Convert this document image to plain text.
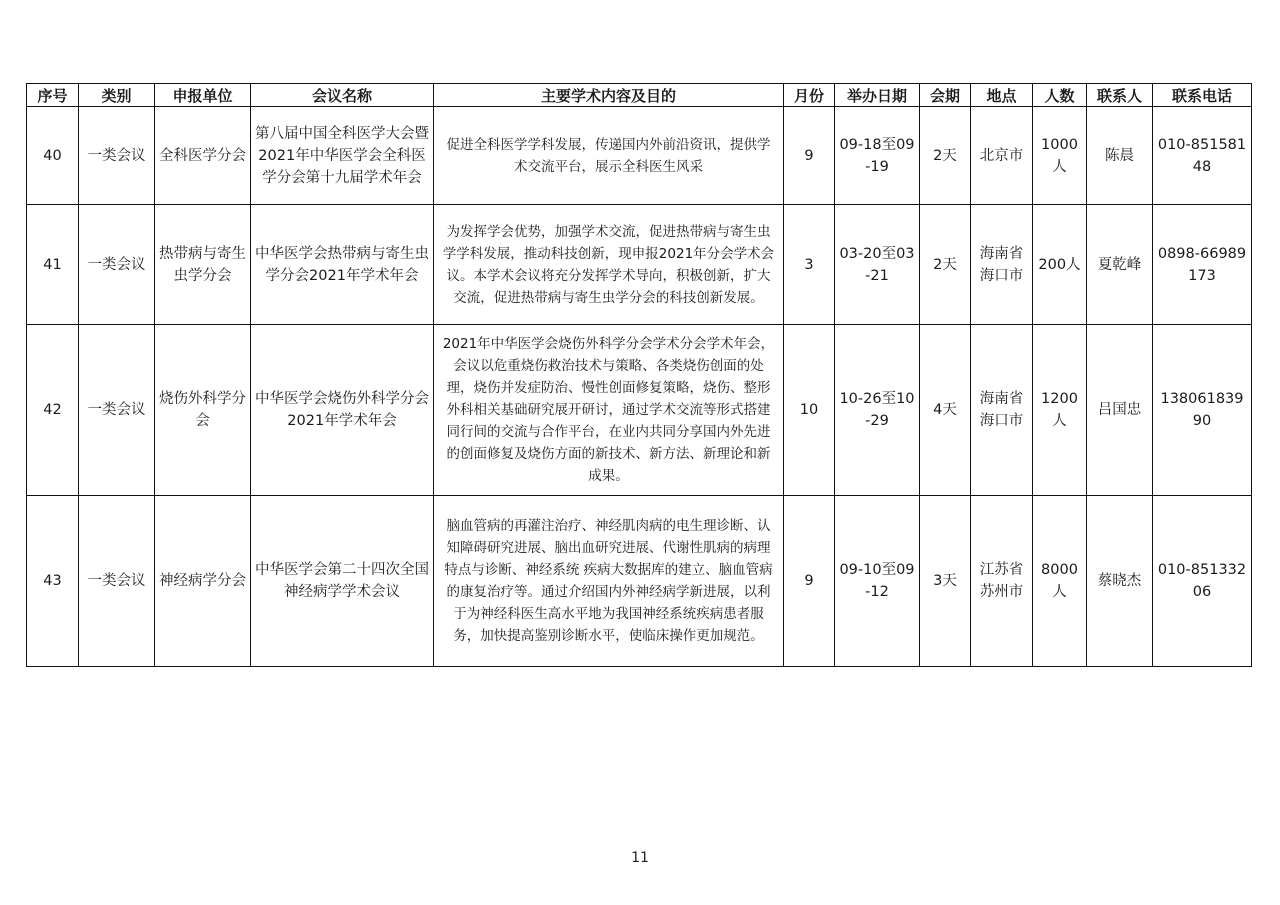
序号	类别	申报单位	会议名称	主要学术内容及目的	月份	举办日期	会期	地点	人数	联系人	联系电话
40	一类会议	全科医学分会	第八届中国全科医学大会暨2021年中华医学会全科医学分会第十九届学术年会	促进全科医学学科发展，传递国内外前沿资讯，提供学术交流平台，展示全科医生风采	9	09-18至09-19	2天	北京市	1000人	陈晨	010-85158148
41	一类会议	热带病与寄生虫学分会	中华医学会热带病与寄生虫学分会2021年学术年会	为发挥学会优势，加强学术交流，促进热带病与寄生虫学学科发展，推动科技创新，现申报2021年分会学术会议。本学术会议将充分发挥学术导向，积极创新，扩大交流，促进热带病与寄生虫学分会的科技创新发展。	3	03-20至03-21	2天	海南省海口市	200人	夏乾峰	0898-66989173
42	一类会议	烧伤外科学分会	中华医学会烧伤外科学分会2021年学术年会	2021年中华医学会烧伤外科学分会学术分会学术年会，会议以危重烧伤救治技术与策略、各类烧伤创面的处理，烧伤并发症防治、慢性创面修复策略，烧伤、整形外科相关基础研究展开研讨，通过学术交流等形式搭建同行间的交流与合作平台，在业内共同分享国内外先进的创面修复及烧伤方面的新技术、新方法、新理论和新成果。	10	10-26至10-29	4天	海南省海口市	1200人	吕国忠	13806183990
43	一类会议	神经病学分会	中华医学会第二十四次全国神经病学学术会议	脑血管病的再灌注治疗、神经肌肉病的电生理诊断、认知障碍研究进展、脑出血研究进展、代谢性肌病的病理特点与诊断、神经系统 疾病大数据库的建立、脑血管病的康复治疗等。通过介绍国内外神经病学新进展，以利于为神经科医生高水平地为我国神经系统疾病患者服务，加快提高鉴别诊断水平，使临床操作更加规范。	9	09-10至09-12	3天	江苏省苏州市	8000人	蔡晓杰	010-85133206
11
